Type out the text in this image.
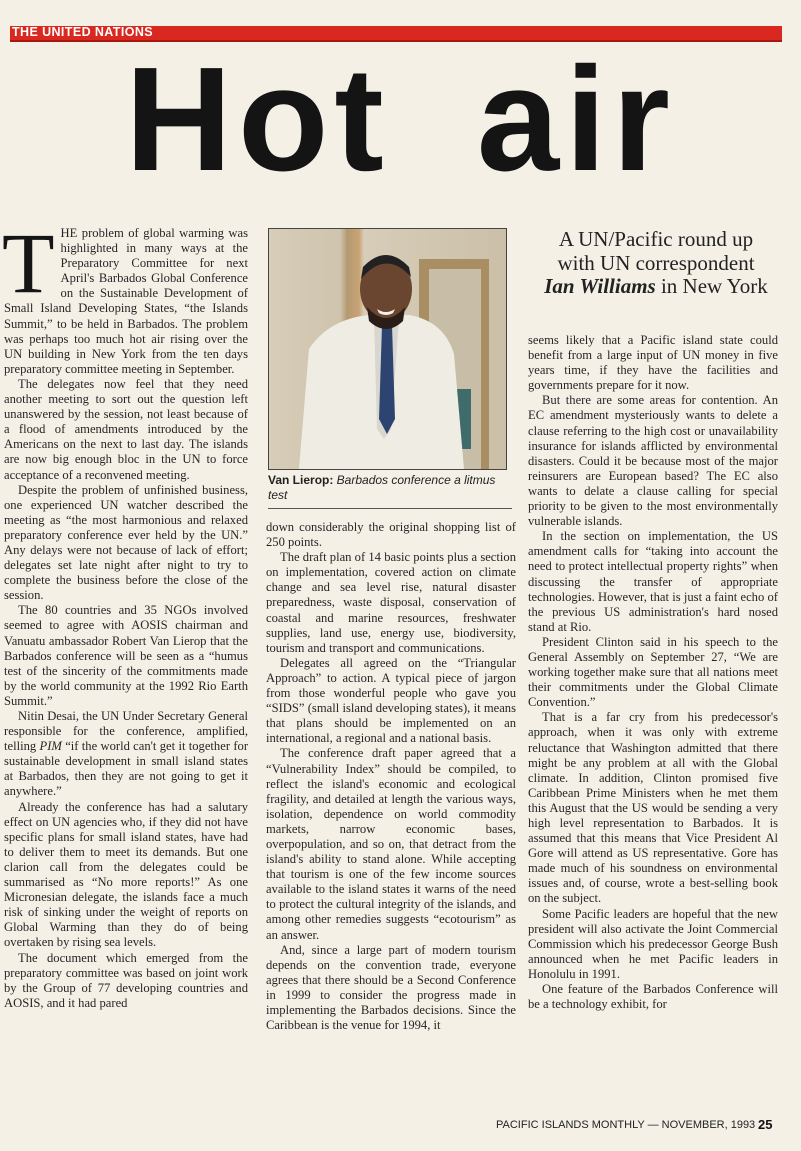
THE UNITED NATIONS
Hot air

THE problem of global warming was highlighted in many ways at the Preparatory Committee for next April's Barbados Global Conference on the Sustainable Development of Small Island Developing States, “the Islands Summit,” to be held in Barbados. The problem was perhaps too much hot air rising over the UN building in New York from the ten days preparatory committee meeting in September.

The delegates now feel that they need another meeting to sort out the question left unanswered by the session, not least because of a flood of amendments introduced by the Americans on the next to last day. The islands are now big enough bloc in the UN to force acceptance of a reconvened meeting.

Despite the problem of unfinished business, one experienced UN watcher described the meeting as “the most harmonious and relaxed preparatory conference ever held by the UN.” Any delays were not because of lack of effort; delegates set late night after night to try to complete the business before the close of the session.

The 80 countries and 35 NGOs involved seemed to agree with AOSIS chairman and Vanuatu ambassador Robert Van Lierop that the Barbados conference will be seen as a “humus test of the sincerity of the commitments made by the world community at the 1992 Rio Earth Summit.”

Nitin Desai, the UN Under Secretary General responsible for the conference, amplified, telling PIM “if the world can't get it together for sustainable development in small island states at Barbados, then they are not going to get it anywhere.”

Already the conference has had a salutary effect on UN agencies who, if they did not have specific plans for small island states, have had to deliver them to meet its demands. But one clarion call from the delegates could be summarised as “No more reports!” As one Micronesian delegate, the islands face a much risk of sinking under the weight of reports on Global Warming than they do of being overtaken by rising sea levels.

The document which emerged from the preparatory committee was based on joint work by the Group of 77 developing countries and AOSIS, and it had pared

Van Lierop: Barbados conference a litmus test
A UN/Pacific round up
with UN correspondent
Ian Williams in New York

down considerably the original shopping list of 250 points.

The draft plan of 14 basic points plus a section on implementation, covered action on climate change and sea level rise, natural disaster preparedness, waste disposal, conservation of coastal and marine resources, freshwater supplies, land use, energy use, biodiversity, tourism and transport and communications.

Delegates all agreed on the “Triangular Approach” to action. A typical piece of jargon from those wonderful people who gave you “SIDS” (small island developing states), it means that plans should be implemented on an international, a regional and a national basis.

The conference draft paper agreed that a “Vulnerability Index” should be compiled, to reflect the island's economic and ecological fragility, and detailed at length the various ways, isolation, dependence on world commodity markets, narrow economic bases, overpopulation, and so on, that detract from the island's ability to stand alone. While accepting that tourism is one of the few income sources available to the island states it warns of the need to protect the cultural integrity of the islands, and among other remedies suggests “ecotourism” as an answer.

And, since a large part of modern tourism depends on the convention trade, everyone agrees that there should be a Second Conference in 1999 to consider the progress made in implementing the Barbados decisions. Since the Caribbean is the venue for 1994, it

seems likely that a Pacific island state could benefit from a large input of UN money in five years time, if they have the facilities and governments prepare for it now.

But there are some areas for contention. An EC amendment mysteriously wants to delete a clause referring to the high cost or unavailability insurance for islands afflicted by environmental disasters. Could it be because most of the major reinsurers are European based? The EC also wants to delate a clause calling for special priority to be given to the most environmentally vulnerable islands.

In the section on implementation, the US amendment calls for “taking into account the need to protect intellectual property rights” when discussing the transfer of appropriate technologies. However, that is just a faint echo of the previous US administration's hard nosed stand at Rio.

President Clinton said in his speech to the General Assembly on September 27, “We are working together make sure that all nations meet their commitments under the Global Climate Convention.”

That is a far cry from his predecessor's approach, when it was only with extreme reluctance that Washington admitted that there might be any problem at all with the Global climate. In addition, Clinton promised five Caribbean Prime Ministers when he met them this August that the US would be sending a very high level representation to Barbados. It is assumed that this means that Vice President Al Gore will attend as US representative. Gore has made much of his soundness on environmental issues and, of course, wrote a best-selling book on the subject.

Some Pacific leaders are hopeful that the new president will also activate the Joint Commercial Commission which his predecessor George Bush announced when he met Pacific leaders in Honolulu in 1991.

One feature of the Barbados Conference will be a technology exhibit, for

PACIFIC ISLANDS MONTHLY — NOVEMBER, 1993 25
